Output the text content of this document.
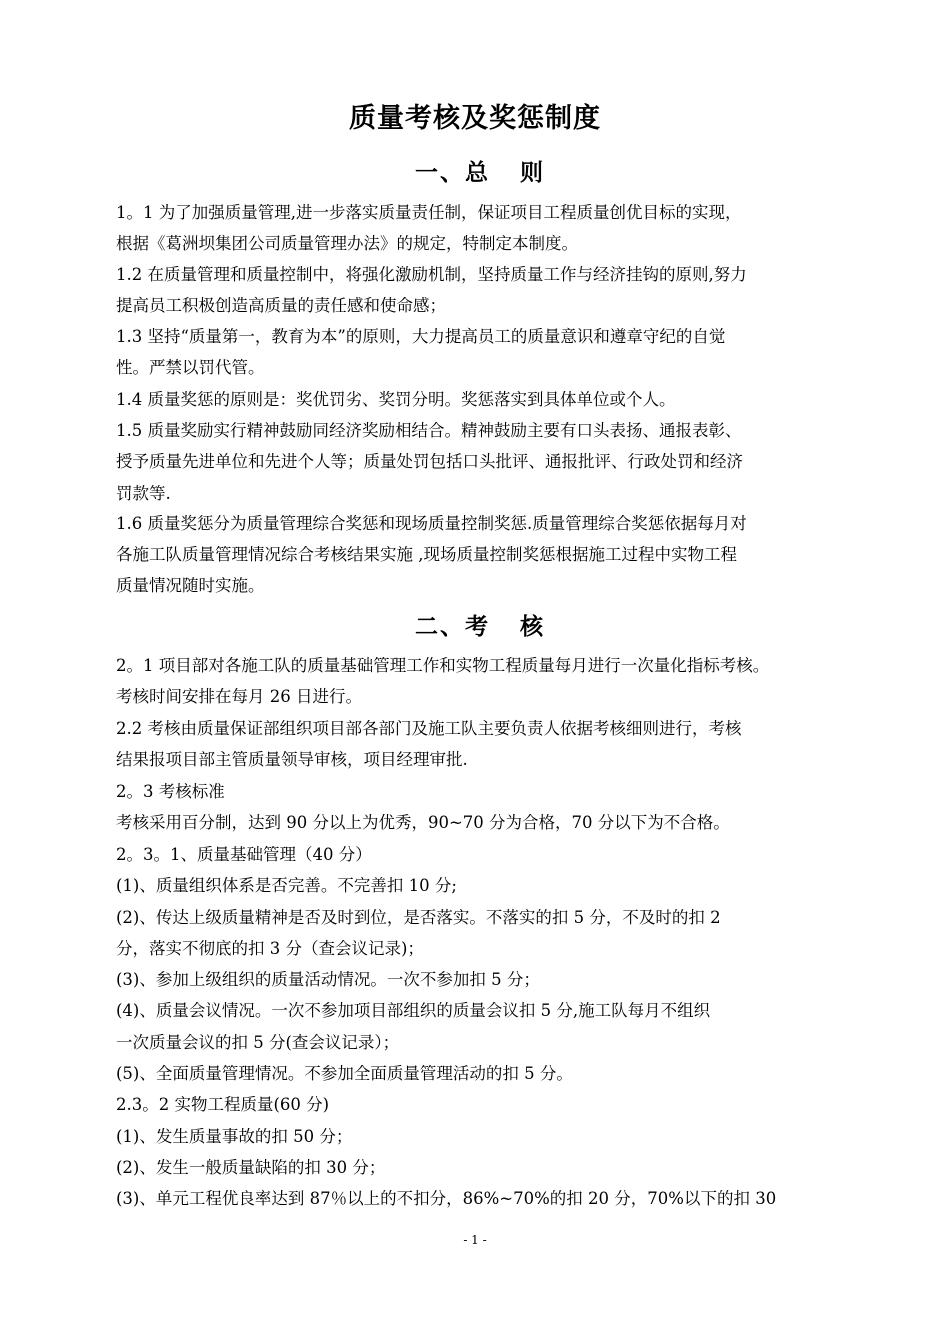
质量考核及奖惩制度
一、总   则
1。1 为了加强质量管理,进一步落实质量责任制，保证项目工程质量创优目标的实现，
根据《葛洲坝集团公司质量管理办法》的规定，特制定本制度。
1.2 在质量管理和质量控制中，将强化激励机制，坚持质量工作与经济挂钩的原则,努力
提高员工积极创造高质量的责任感和使命感；
1.3 坚持“质量第一，教育为本”的原则，大力提高员工的质量意识和遵章守纪的自觉
性。严禁以罚代管。
1.4 质量奖惩的原则是：奖优罚劣、奖罚分明。奖惩落实到具体单位或个人。
1.5 质量奖励实行精神鼓励同经济奖励相结合。精神鼓励主要有口头表扬、通报表彰、
授予质量先进单位和先进个人等；质量处罚包括口头批评、通报批评、行政处罚和经济
罚款等.
1.6 质量奖惩分为质量管理综合奖惩和现场质量控制奖惩.质量管理综合奖惩依据每月对
各施工队质量管理情况综合考核结果实施 ,现场质量控制奖惩根据施工过程中实物工程
质量情况随时实施。
二、考   核
2。1 项目部对各施工队的质量基础管理工作和实物工程质量每月进行一次量化指标考核。
考核时间安排在每月 26 日进行。
2.2 考核由质量保证部组织项目部各部门及施工队主要负责人依据考核细则进行，考核
结果报项目部主管质量领导审核，项目经理审批.
2。3 考核标准
考核采用百分制，达到 90 分以上为优秀，90~70 分为合格，70 分以下为不合格。
2。3。1、质量基础管理（40 分）
(1)、质量组织体系是否完善。不完善扣 10 分;
(2)、传达上级质量精神是否及时到位，是否落实。不落实的扣 5 分，不及时的扣 2
分，落实不彻底的扣 3 分（查会议记录)；
(3)、参加上级组织的质量活动情况。一次不参加扣 5 分；
(4)、质量会议情况。一次不参加项目部组织的质量会议扣 5 分,施工队每月不组织
一次质量会议的扣 5 分(查会议记录）；
(5)、全面质量管理情况。不参加全面质量管理活动的扣 5 分。
2.3。2 实物工程质量(60 分)
(1)、发生质量事故的扣 50 分；
(2)、发生一般质量缺陷的扣 30 分；
(3)、单元工程优良率达到 87％以上的不扣分，86%~70%的扣 20 分，70%以下的扣 30
- 1 -
